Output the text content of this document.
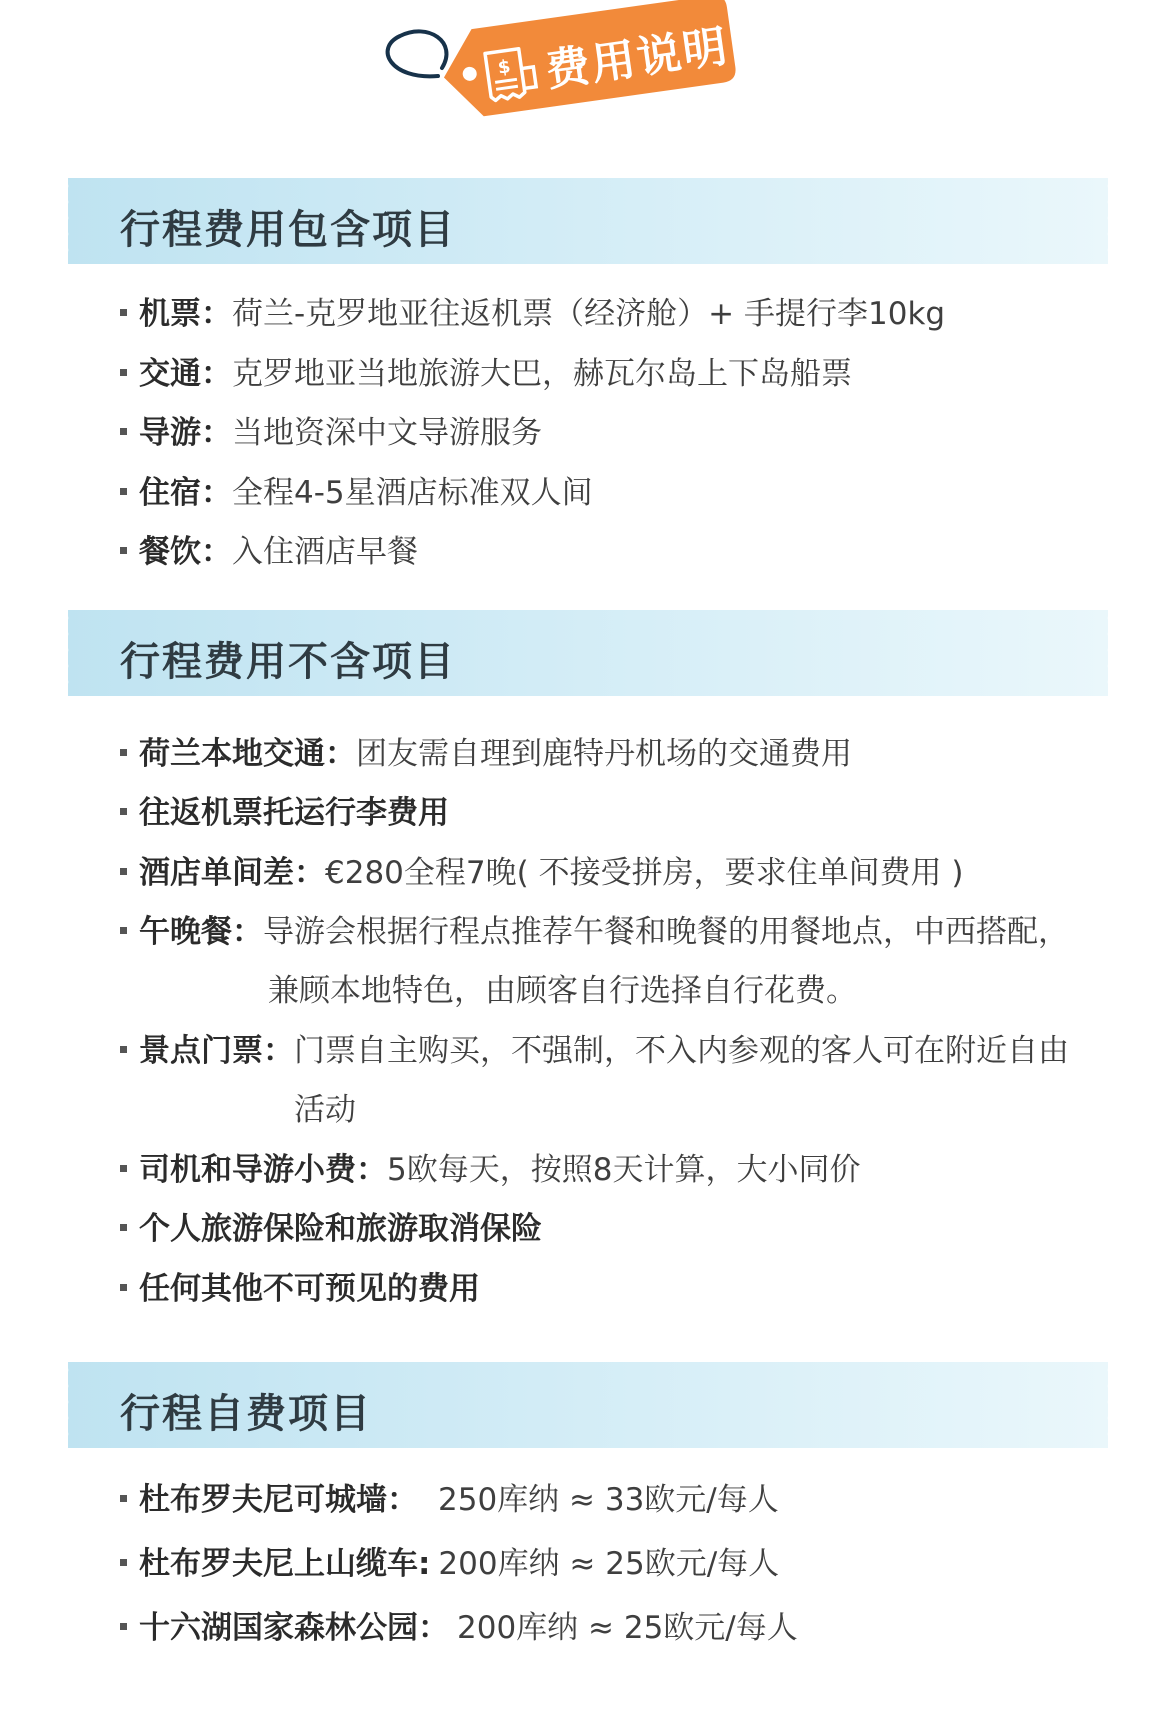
$ 费用说明
行程费用包含项目
机票：荷兰-克罗地亚往返机票（经济舱）+ 手提行李10kg
交通：克罗地亚当地旅游大巴，赫瓦尔岛上下岛船票
导游：当地资深中文导游服务
住宿：全程4-5星酒店标准双人间
餐饮：入住酒店早餐
行程费用不含项目
荷兰本地交通：团友需自理到鹿特丹机场的交通费用
往返机票托运行李费用
酒店单间差：€280全程7晚( 不接受拼房，要求住单间费用 )
午晚餐：导游会根据行程点推荐午餐和晚餐的用餐地点，中西搭配，
兼顾本地特色，由顾客自行选择自行花费。
景点门票：门票自主购买，不强制，不入内参观的客人可在附近自由
活动
司机和导游小费：5欧每天，按照8天计算，大小同价
个人旅游保险和旅游取消保险
任何其他不可预见的费用
行程自费项目
杜布罗夫尼可城墙： 250库纳 ≈ 33欧元/每人
杜布罗夫尼上山缆车: 200库纳 ≈ 25欧元/每人
十六湖国家森林公园： 200库纳 ≈ 25欧元/每人
